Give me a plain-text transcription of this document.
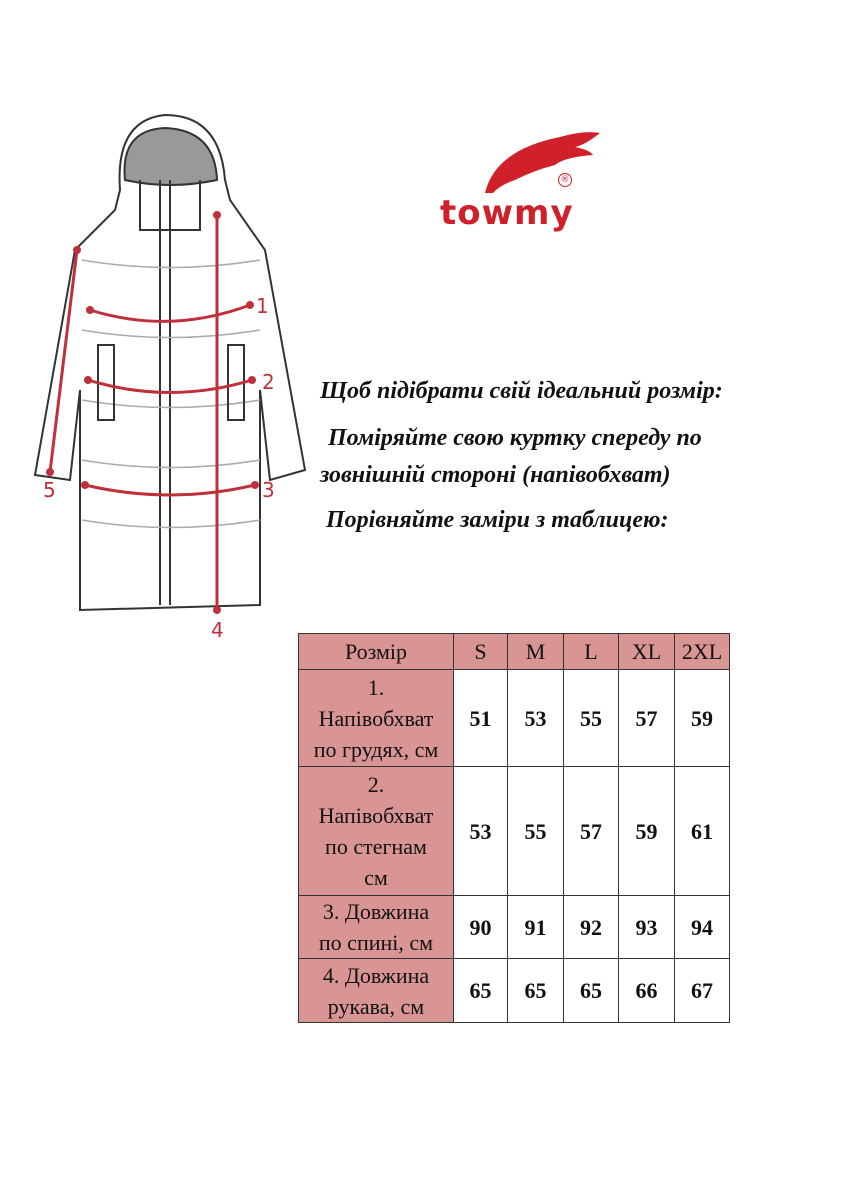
1
2
3
4
5
®
towmy
Щоб підібрати свій ідеальний розмір:
Поміряйте свою куртку спереду по
зовнішній стороні (напівобхват)
Порівняйте заміри з таблицею:
Розмір	S	M	L	XL	2XL

1.
Напівобхват
по грудях, см	51	53	55	57	59

2.
Напівобхват
по стегнам
см	53	55	57	59	61

3. Довжина
по спині, см	90	91	92	93	94

4. Довжина
рукава, см	65	65	65	66	67
